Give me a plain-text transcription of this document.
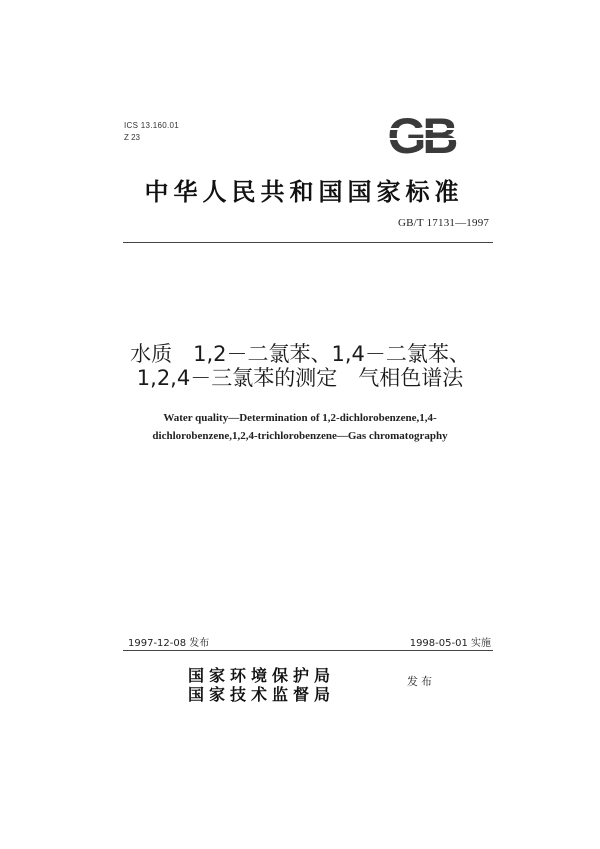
ICS 13.160.01
Z 23	GB
中华人民共和国国家标准
GB/T 17131—1997
水质　1,2－二氯苯、1,4－二氯苯、
1,2,4－三氯苯的测定　气相色谱法
Water quality—Determination of 1,2-dichlorobenzene,1,4-
dichlorobenzene,1,2,4-trichlorobenzene—Gas chromatography
1997-12-08 发布	1998-05-01 实施
国家环境保护局
国家技术监督局
发布
